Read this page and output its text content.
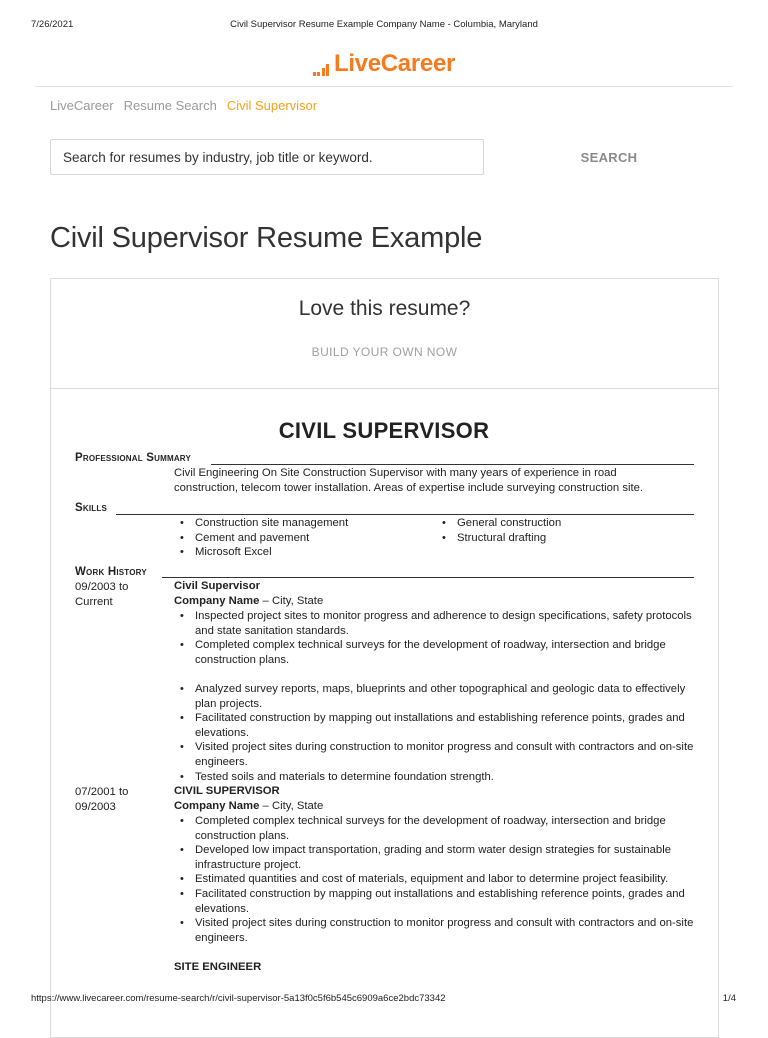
7/26/2021	Civil Supervisor Resume Example Company Name - Columbia, Maryland
LiveCareer
LiveCareer Resume Search Civil Supervisor
Search for resumes by industry, job title or keyword.	SEARCH
Civil Supervisor Resume Example
Love this resume?
BUILD YOUR OWN NOW
CIVIL SUPERVISOR
Professional Summary
Civil Engineering On Site Construction Supervisor with many years of experience in road
construction, telecom tower installation. Areas of expertise include surveying construction site.
Skills
• Construction site management
• Cement and pavement
• Microsoft Excel
• General construction
• Structural drafting
Work History
09/2003 to
Current
Civil Supervisor
Company Name – City, State
• Inspected project sites to monitor progress and adherence to design specifications, safety protocols and state sanitation standards.
• Completed complex technical surveys for the development of roadway, intersection and bridge construction plans.
• Analyzed survey reports, maps, blueprints and other topographical and geologic data to effectively plan projects.
• Facilitated construction by mapping out installations and establishing reference points, grades and elevations.
• Visited project sites during construction to monitor progress and consult with contractors and on-site engineers.
• Tested soils and materials to determine foundation strength.
07/2001 to
09/2003
CIVIL SUPERVISOR
Company Name – City, State
• Completed complex technical surveys for the development of roadway, intersection and bridge construction plans.
• Developed low impact transportation, grading and storm water design strategies for sustainable infrastructure project.
• Estimated quantities and cost of materials, equipment and labor to determine project feasibility.
• Facilitated construction by mapping out installations and establishing reference points, grades and elevations.
• Visited project sites during construction to monitor progress and consult with contractors and on-site engineers.
SITE ENGINEER
https://www.livecareer.com/resume-search/r/civil-supervisor-5a13f0c5f6b545c6909a6ce2bdc73342	1/4
